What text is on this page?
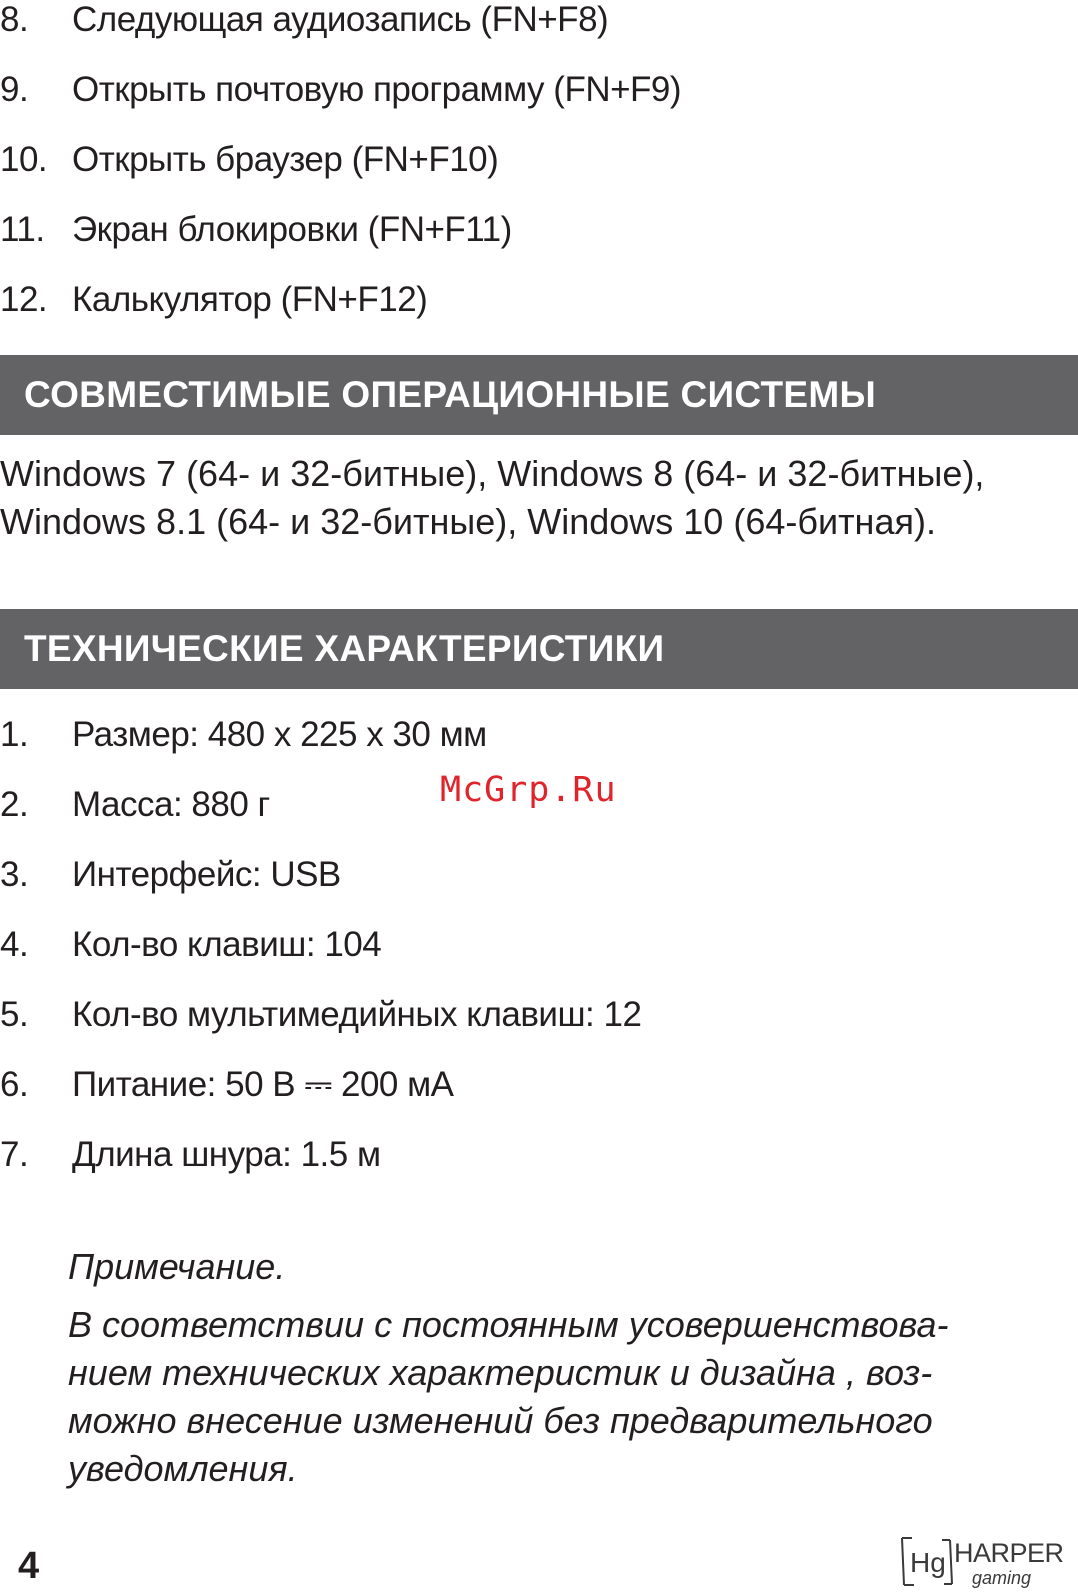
8. Следующая аудиозапись (FN+F8)
9. Открыть почтовую программу (FN+F9)
10. Открыть браузер (FN+F10)
11. Экран блокировки (FN+F11)
12. Калькулятор (FN+F12)
СОВМЕСТИМЫЕ ОПЕРАЦИОННЫЕ СИСТЕМЫ

Windows 7 (64- и 32-битные), Windows 8 (64- и 32-битные),
Windows 8.1 (64- и 32-битные), Windows 10 (64-битная).

ТЕХНИЧЕСКИЕ ХАРАКТЕРИСТИКИ
1. Размер: 480 x 225 x 30 мм
2. Масса: 880 г
3. Интерфейс: USB
4. Кол-во клавиш: 104
5. Кол-во мультимедийных клавиш: 12
6. Питание: 50 В ⎓ 200 мА
7. Длина шнура: 1.5 м
McGrp.Ru
Примечание.
В соответствии с постоянным усовершенствова-
нием технических характеристик и дизайна , воз-
можно внесение изменений без предварительного
уведомления.
4	Hg HARPER
gaming
